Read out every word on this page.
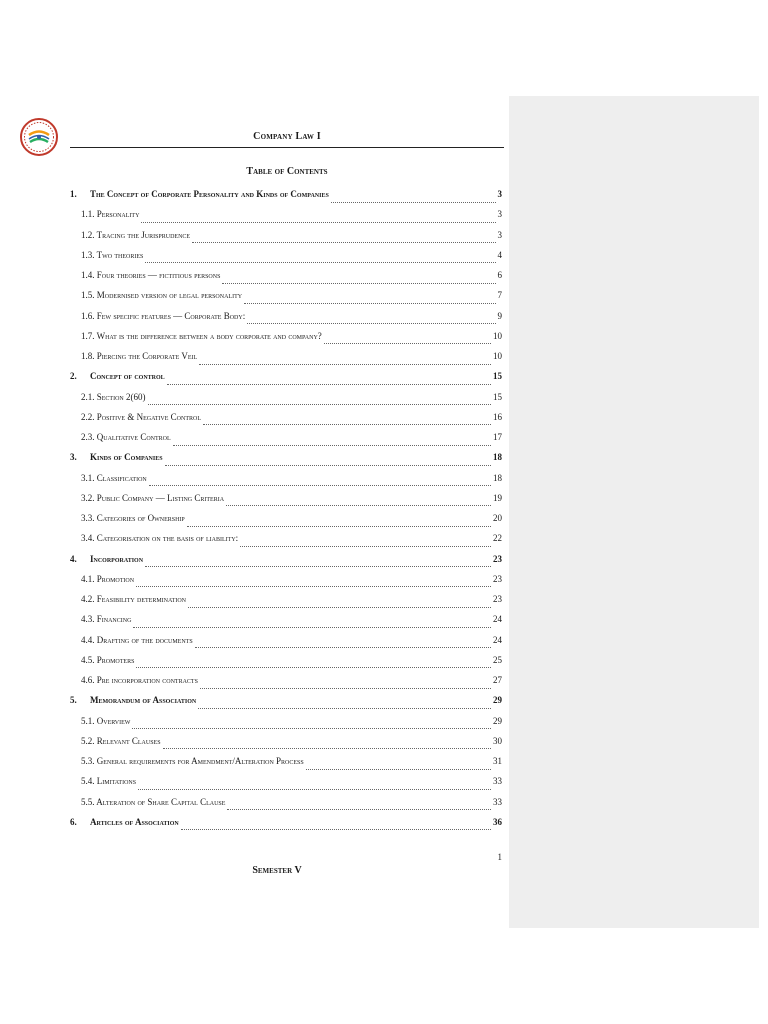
Company Law I
Table of Contents
1.	The Concept of Corporate Personality and Kinds of Companies	3
1.1. Personality	3
1.2. Tracing the Jurisprudence	3
1.3. Two theories	4
1.4. Four theories — fictitious persons	6
1.5. Modernised version of legal personality	7
1.6. Few specific features — Corporate Body:	9
1.7. What is the difference between a body corporate and company?	10
1.8. Piercing the Corporate Veil	10
2.	Concept of control	15
2.1. Section 2(60)	15
2.2. Positive & Negative Control	16
2.3. Qualitative Control	17
3.	Kinds of Companies	18
3.1. Classification	18
3.2. Public Company — Listing Criteria	19
3.3. Categories of Ownership	20
3.4. Categorisation on the basis of liability:	22
4.	Incorporation	23
4.1. Promotion	23
4.2. Feasibility determination	23
4.3. Financing	24
4.4. Drafting of the documents	24
4.5. Promoters	25
4.6. Pre incorporation contracts	27
5.	Memorandum of Association	29
5.1. Overview	29
5.2. Relevant Clauses	30
5.3. General requirements for Amendment/Alteration Process	31
5.4. Limitations	33
5.5. Alteration of Share Capital Clause	33
6.	Articles of Association	36
1
Semester V
